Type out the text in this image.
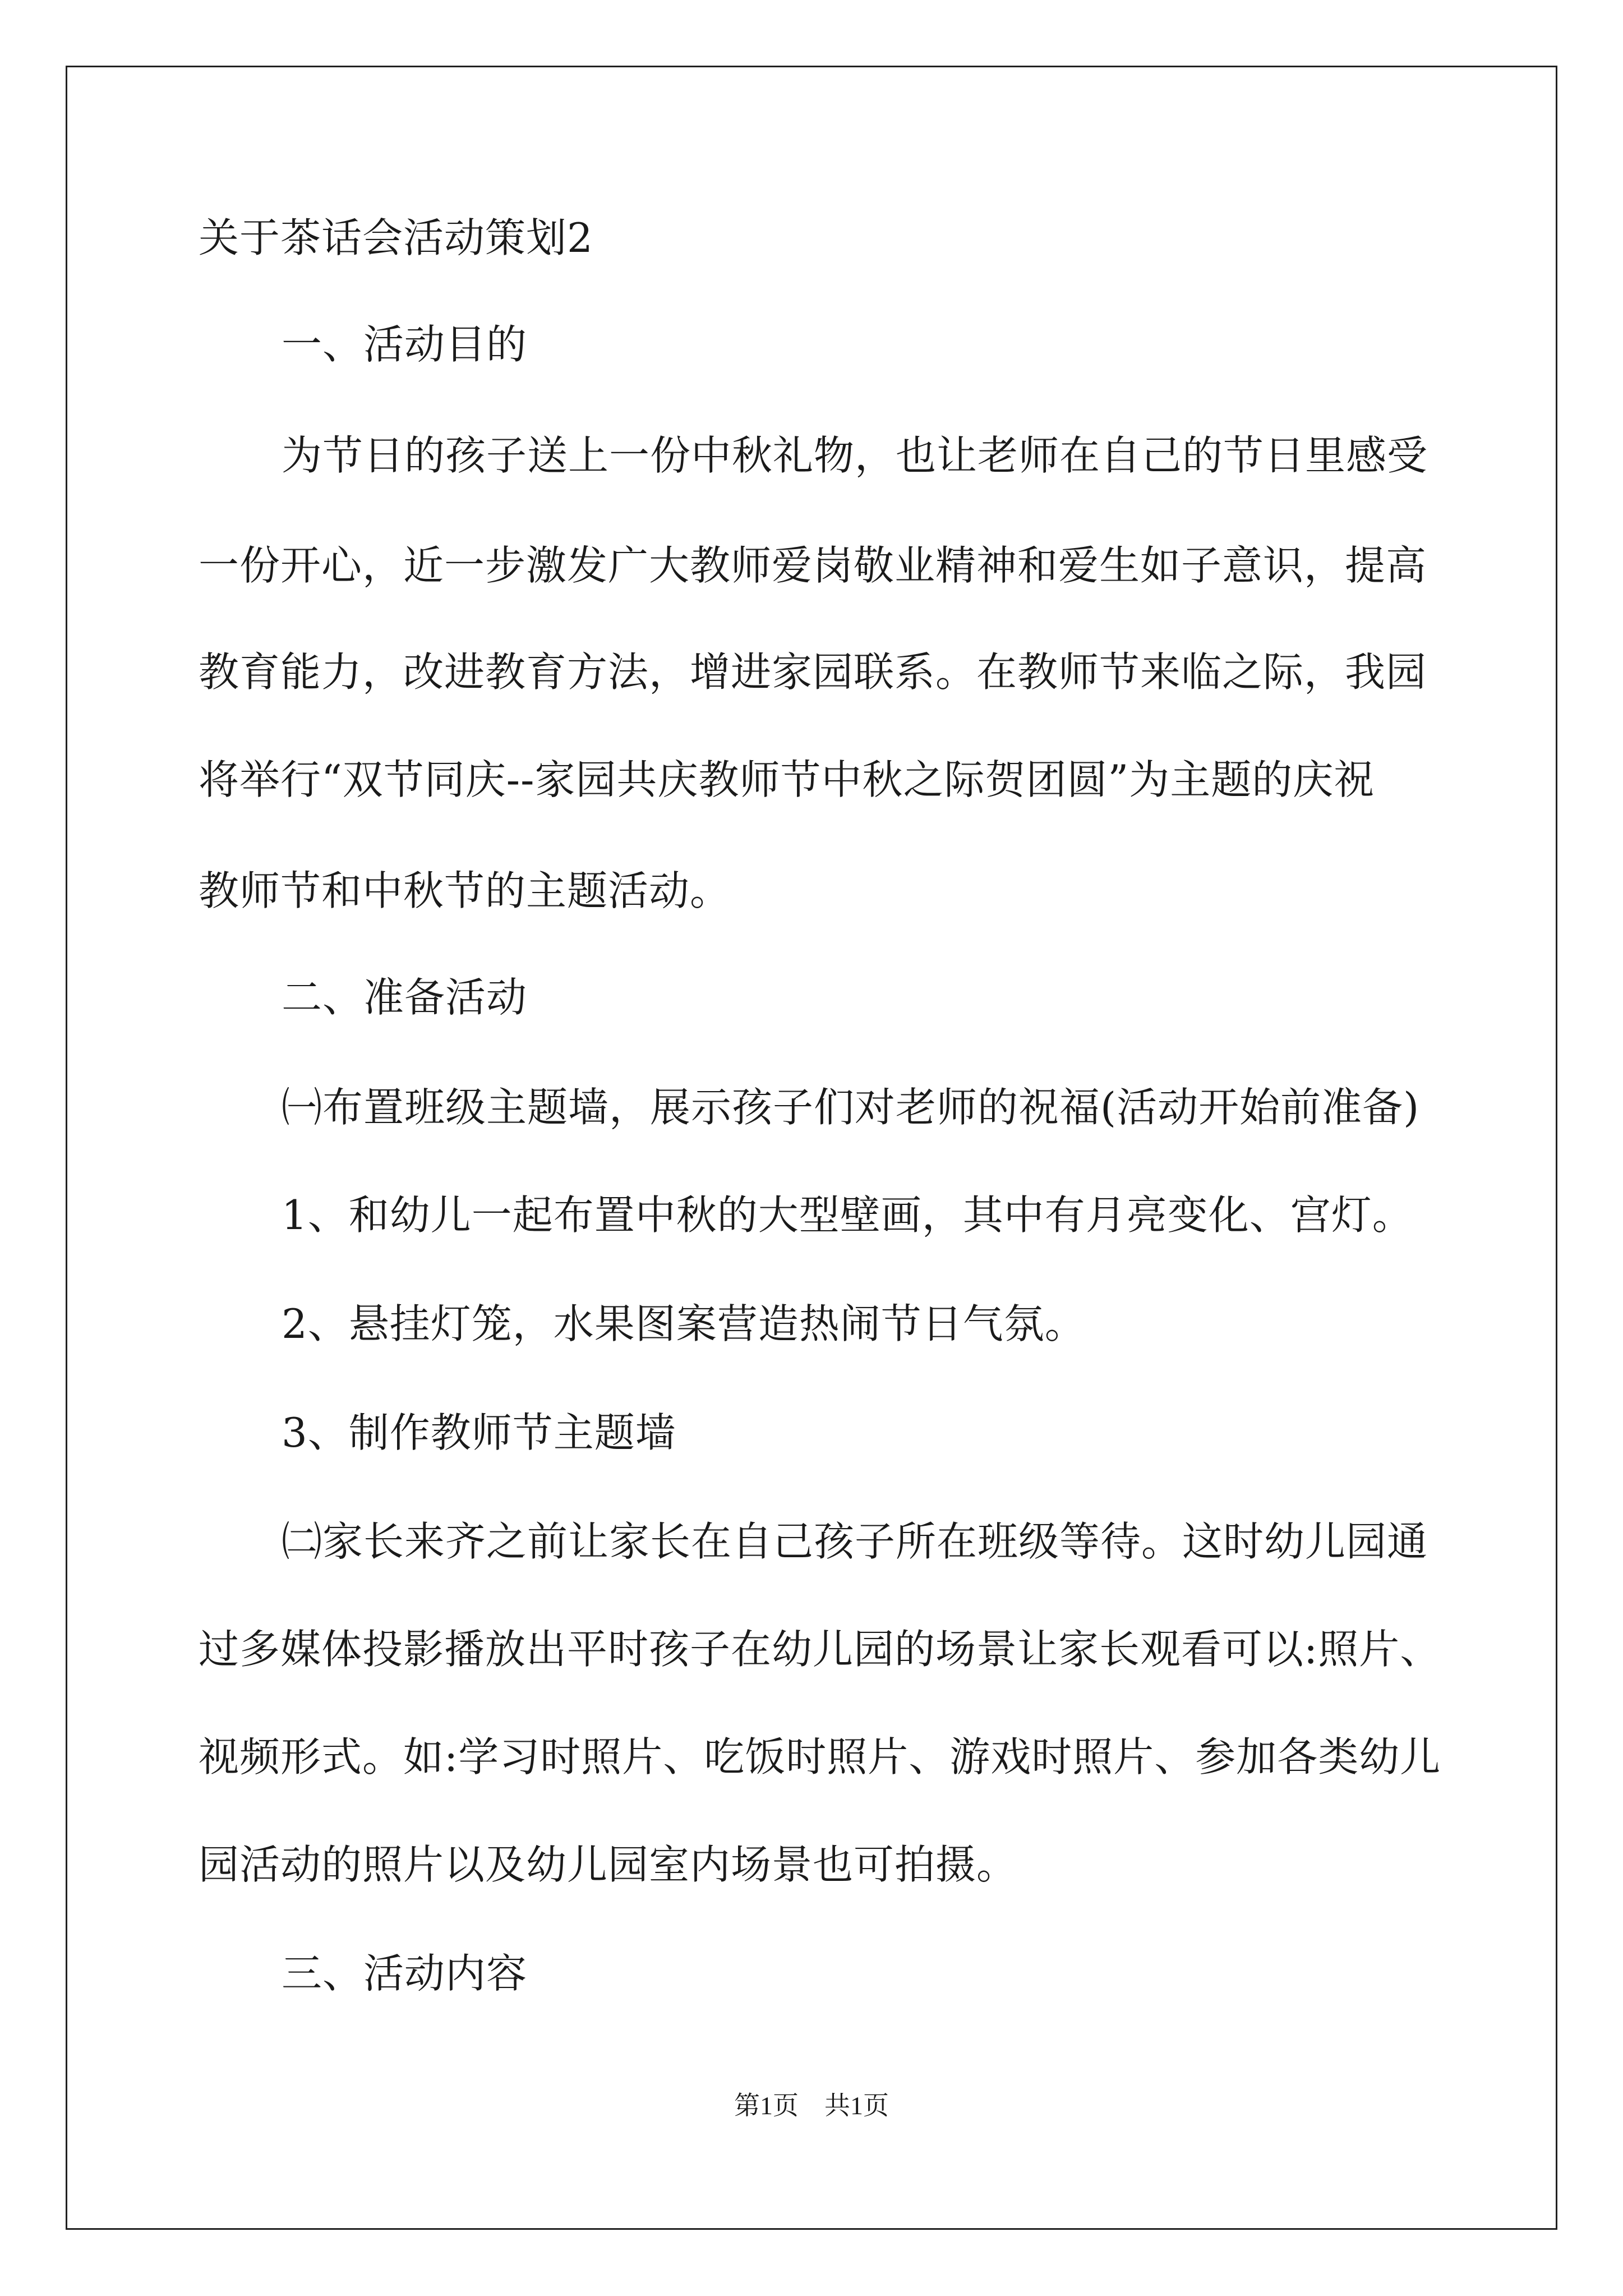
关于茶话会活动策划2
一、活动目的
为节日的孩子送上一份中秋礼物，也让老师在自己的节日里感受
一份开心，近一步激发广大教师爱岗敬业精神和爱生如子意识，提高
教育能力，改进教育方法，增进家园联系。在教师节来临之际，我园
将举行“双节同庆--家园共庆教师节中秋之际贺团圆”为主题的庆祝
教师节和中秋节的主题活动。
二、准备活动
㈠布置班级主题墙，展示孩子们对老师的祝福(活动开始前准备)
1、和幼儿一起布置中秋的大型壁画，其中有月亮变化、宫灯。
2、悬挂灯笼，水果图案营造热闹节日气氛。
3、制作教师节主题墙
㈡家长来齐之前让家长在自己孩子所在班级等待。这时幼儿园通
过多媒体投影播放出平时孩子在幼儿园的场景让家长观看可以:照片、
视频形式。如:学习时照片、吃饭时照片、游戏时照片、参加各类幼儿
园活动的照片以及幼儿园室内场景也可拍摄。
三、活动内容
第1页　共1页
